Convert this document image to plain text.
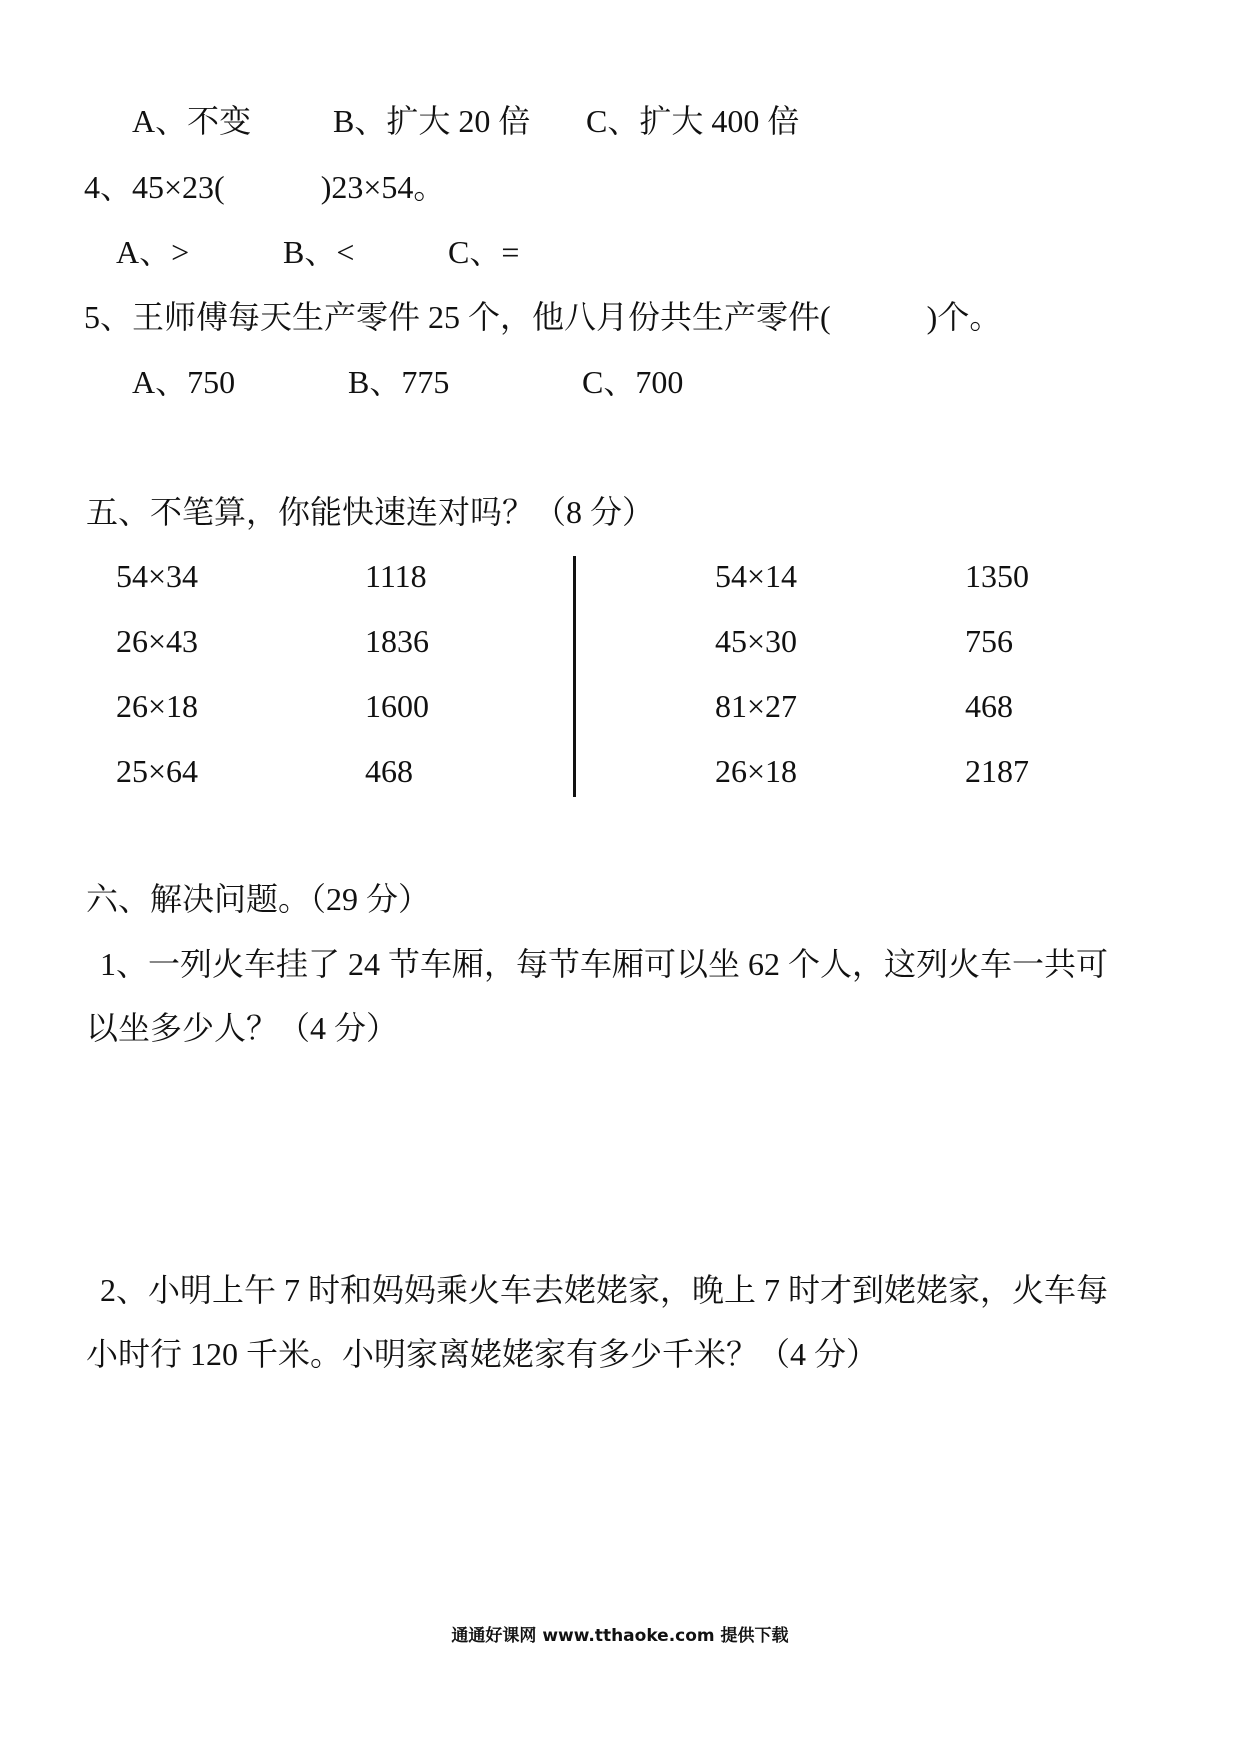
A、不变	B、扩大 20 倍 C、扩大 400 倍
4、45×23(	)23×54。
A、>	B、<	C、=
5、王师傅每天生产零件 25 个，他八月份共生产零件(	)个。
A、750	B、775	C、700
五、不笔算，你能快速连对吗？（8 分）
54×34	1118	54×14	1350
26×43	1836	45×30	756
26×18	1600	81×27	468
25×64	468	26×18	2187
六、解决问题。（29 分）
1、一列火车挂了 24 节车厢，每节车厢可以坐 62 个人，这列火车一共可
以坐多少人？（4 分）
2、小明上午 7 时和妈妈乘火车去姥姥家，晚上 7 时才到姥姥家，火车每
小时行 120 千米。小明家离姥姥家有多少千米？（4 分）
通通好课网 www.tthaoke.com 提供下载
